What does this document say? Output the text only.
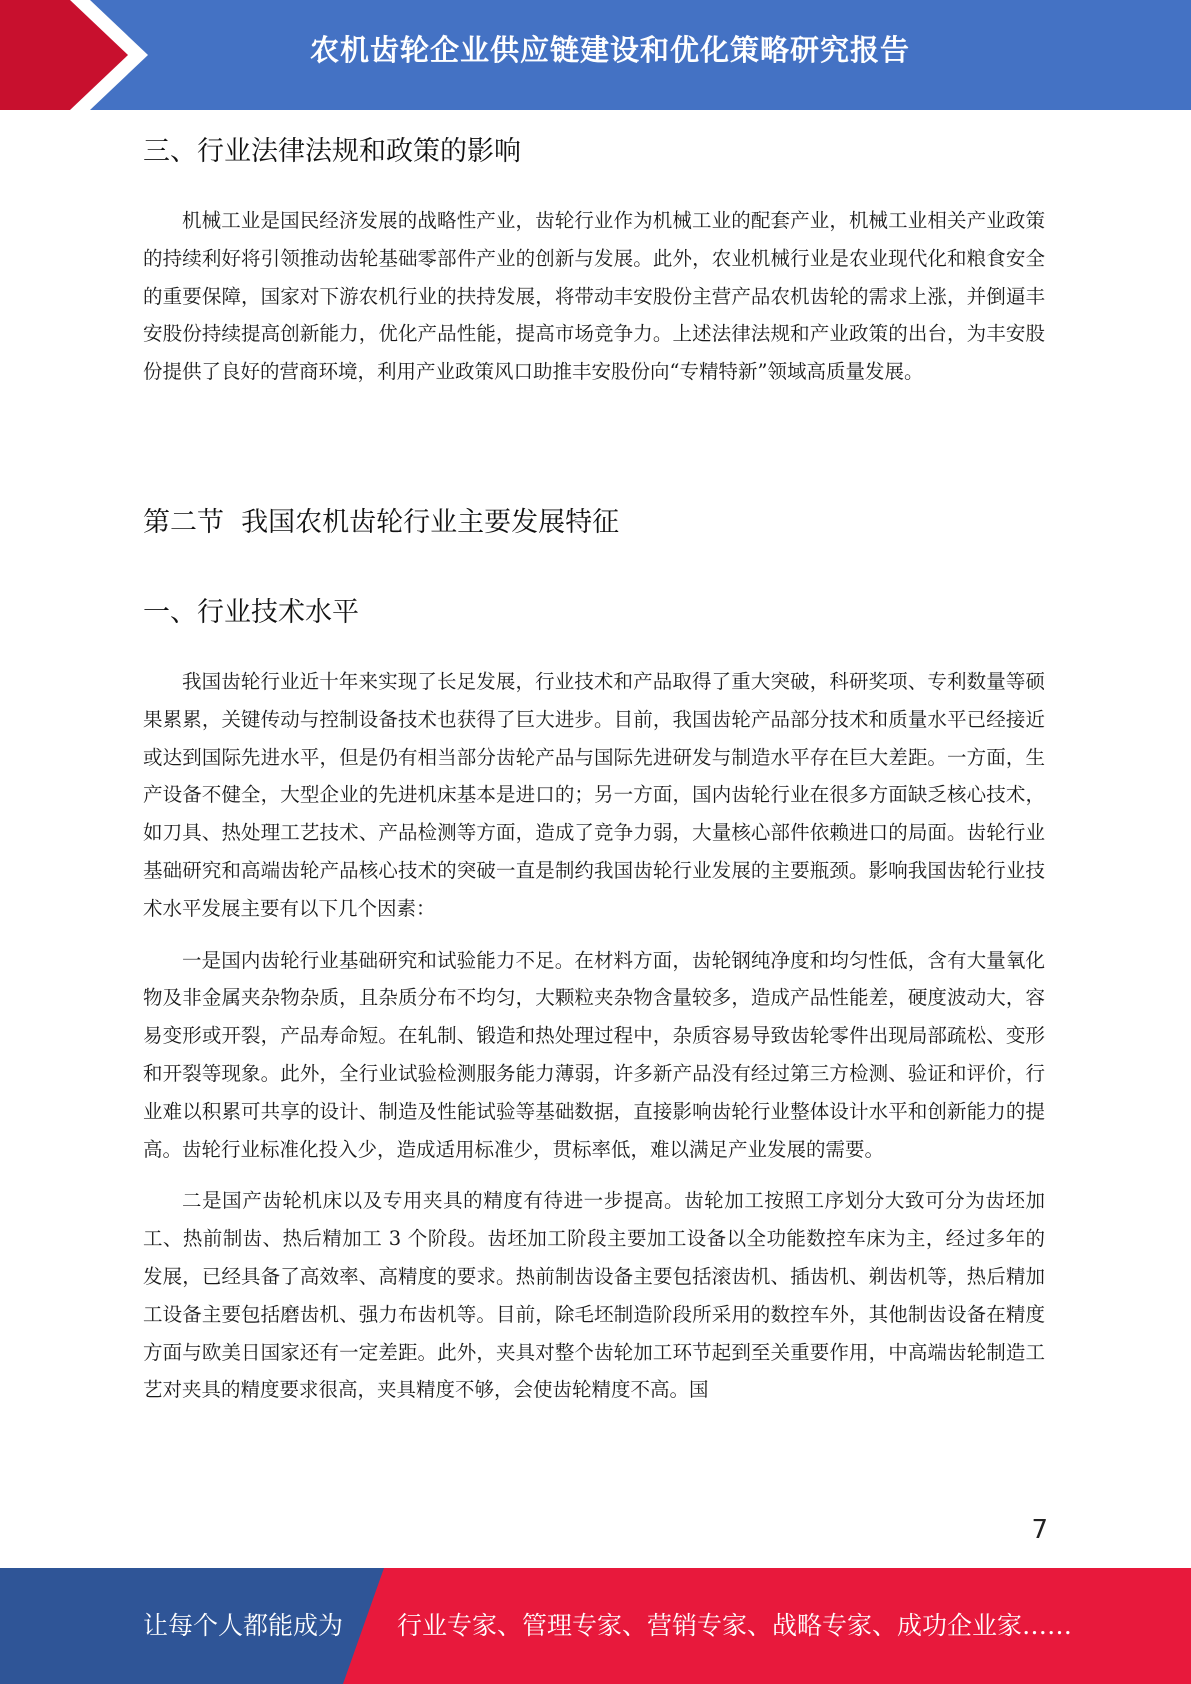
农机齿轮企业供应链建设和优化策略研究报告
三、行业法律法规和政策的影响

机械工业是国民经济发展的战略性产业，齿轮行业作为机械工业的配套产业，机械工业相关产业政策的持续利好将引领推动齿轮基础零部件产业的创新与发展。此外，农业机械行业是农业现代化和粮食安全的重要保障，国家对下游农机行业的扶持发展，将带动丰安股份主营产品农机齿轮的需求上涨，并倒逼丰安股份持续提高创新能力，优化产品性能，提高市场竞争力。上述法律法规和产业政策的出台，为丰安股份提供了良好的营商环境，利用产业政策风口助推丰安股份向“专精特新”领域高质量发展。

第二节  我国农机齿轮行业主要发展特征
一、行业技术水平

我国齿轮行业近十年来实现了长足发展，行业技术和产品取得了重大突破，科研奖项、专利数量等硕果累累，关键传动与控制设备技术也获得了巨大进步。目前，我国齿轮产品部分技术和质量水平已经接近或达到国际先进水平，但是仍有相当部分齿轮产品与国际先进研发与制造水平存在巨大差距。一方面，生产设备不健全，大型企业的先进机床基本是进口的；另一方面，国内齿轮行业在很多方面缺乏核心技术，如刀具、热处理工艺技术、产品检测等方面，造成了竞争力弱，大量核心部件依赖进口的局面。齿轮行业基础研究和高端齿轮产品核心技术的突破一直是制约我国齿轮行业发展的主要瓶颈。影响我国齿轮行业技术水平发展主要有以下几个因素：

一是国内齿轮行业基础研究和试验能力不足。在材料方面，齿轮钢纯净度和均匀性低，含有大量氧化物及非金属夹杂物杂质，且杂质分布不均匀，大颗粒夹杂物含量较多，造成产品性能差，硬度波动大，容易变形或开裂，产品寿命短。在轧制、锻造和热处理过程中，杂质容易导致齿轮零件出现局部疏松、变形和开裂等现象。此外，全行业试验检测服务能力薄弱，许多新产品没有经过第三方检测、验证和评价，行业难以积累可共享的设计、制造及性能试验等基础数据，直接影响齿轮行业整体设计水平和创新能力的提高。齿轮行业标准化投入少，造成适用标准少，贯标率低，难以满足产业发展的需要。

二是国产齿轮机床以及专用夹具的精度有待进一步提高。齿轮加工按照工序划分大致可分为齿坯加工、热前制齿、热后精加工 3 个阶段。齿坯加工阶段主要加工设备以全功能数控车床为主，经过多年的发展，已经具备了高效率、高精度的要求。热前制齿设备主要包括滚齿机、插齿机、剃齿机等，热后精加工设备主要包括磨齿机、强力布齿机等。目前，除毛坯制造阶段所采用的数控车外，其他制齿设备在精度方面与欧美日国家还有一定差距。此外，夹具对整个齿轮加工环节起到至关重要作用，中高端齿轮制造工艺对夹具的精度要求很高，夹具精度不够，会使齿轮精度不高。国

7
让每个人都能成为 行业专家、管理专家、营销专家、战略专家、成功企业家……
